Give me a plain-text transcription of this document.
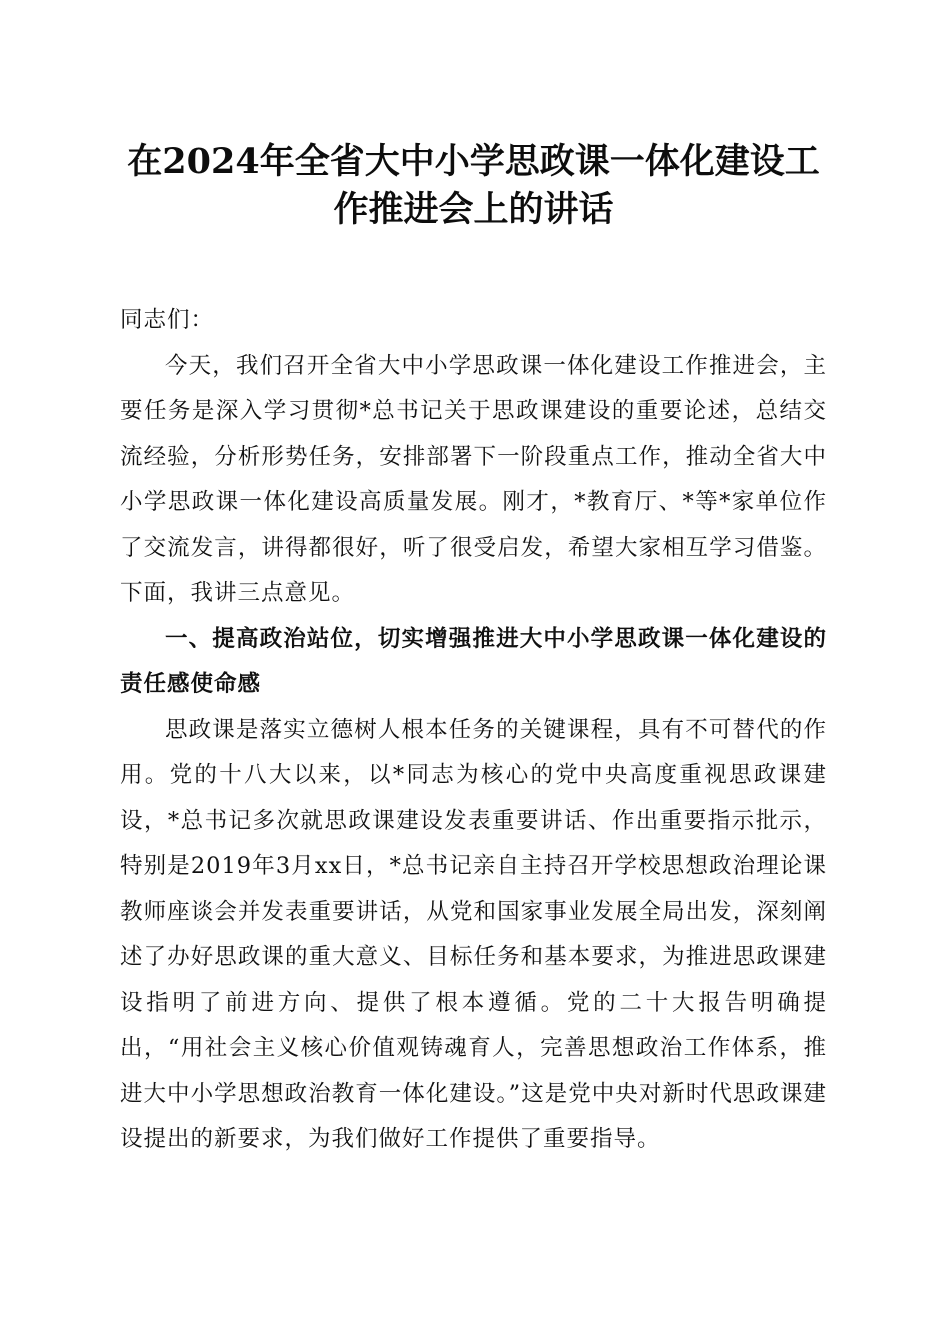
在2024年全省大中小学思政课一体化建设工
作推进会上的讲话

同志们：

今天，我们召开全省大中小学思政课一体化建设工作推进会，主要任务是深入学习贯彻*总书记关于思政课建设的重要论述，总结交流经验，分析形势任务，安排部署下一阶段重点工作，推动全省大中小学思政课一体化建设高质量发展。刚才，*教育厅、*等*家单位作了交流发言，讲得都很好，听了很受启发，希望大家相互学习借鉴。下面，我讲三点意见。

一、提高政治站位，切实增强推进大中小学思政课一体化建设的责任感使命感

思政课是落实立德树人根本任务的关键课程，具有不可替代的作用。党的十八大以来，以*同志为核心的党中央高度重视思政课建设，*总书记多次就思政课建设发表重要讲话、作出重要指示批示，特别是2019年3月xx日，*总书记亲自主持召开学校思想政治理论课教师座谈会并发表重要讲话，从党和国家事业发展全局出发，深刻阐述了办好思政课的重大意义、目标任务和基本要求，为推进思政课建设指明了前进方向、提供了根本遵循。党的二十大报告明确提出，“用社会主义核心价值观铸魂育人，完善思想政治工作体系，推进大中小学思想政治教育一体化建设。”这是党中央对新时代思政课建设提出的新要求，为我们做好工作提供了重要指导。
